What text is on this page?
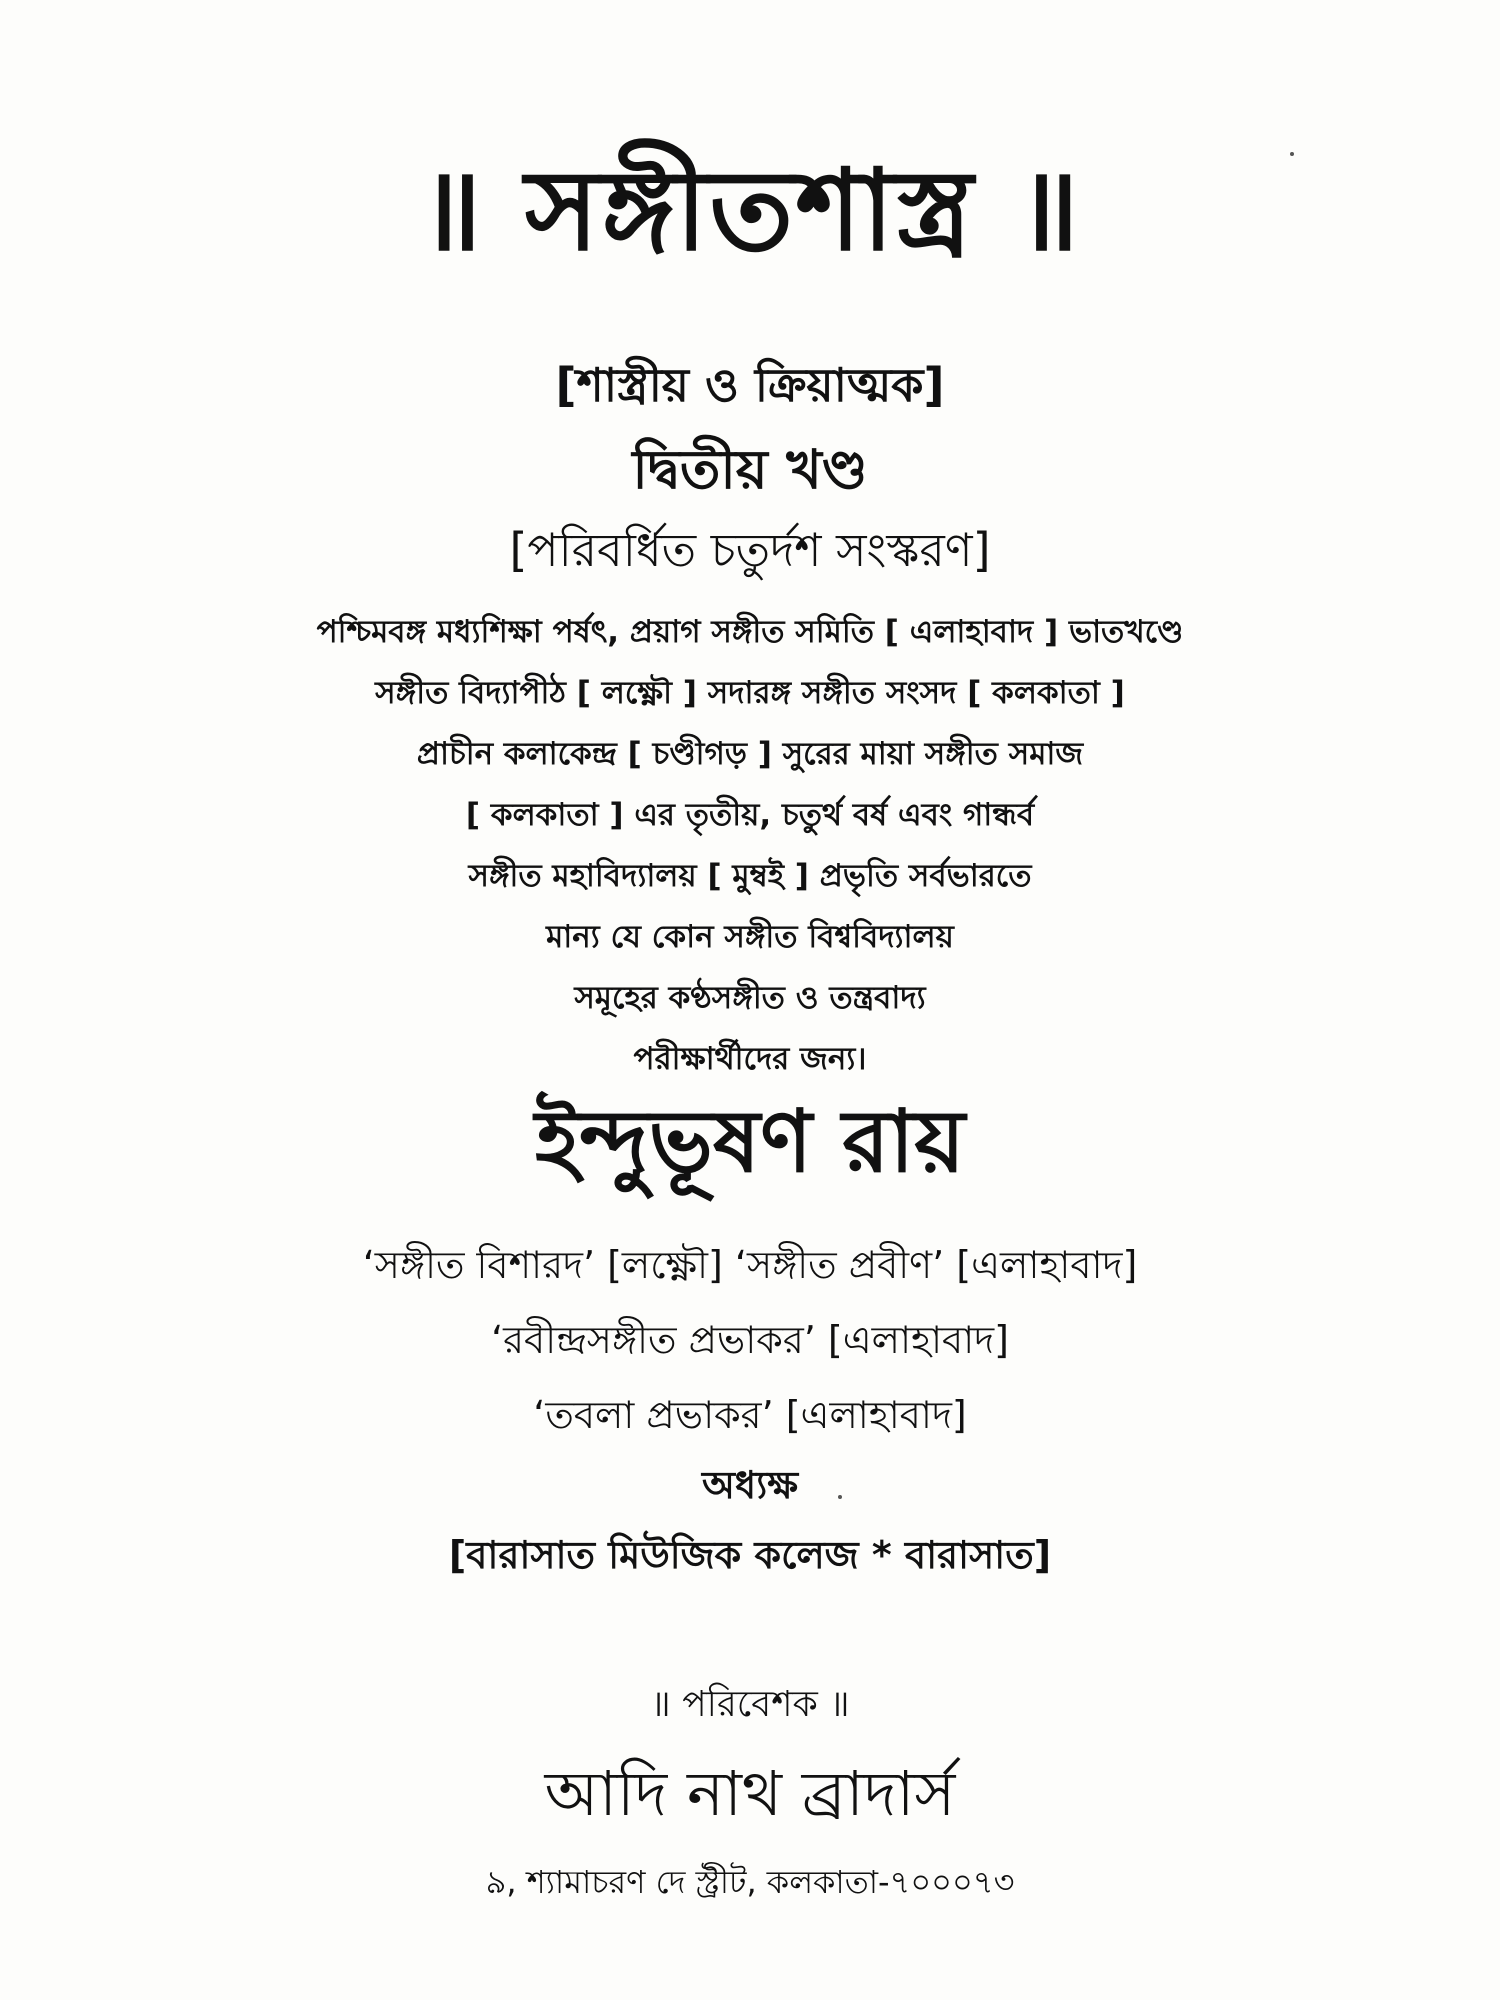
॥ সঙ্গীতশাস্ত্র ॥
[শাস্ত্রীয় ও ক্রিয়াত্মক]
দ্বিতীয় খণ্ড
[পরিবর্ধিত চতুর্দশ সংস্করণ]
পশ্চিমবঙ্গ মধ্যশিক্ষা পর্ষৎ, প্রয়াগ সঙ্গীত সমিতি [ এলাহাবাদ ] ভাতখণ্ডে
সঙ্গীত বিদ্যাপীঠ [ লক্ষ্ণৌ ] সদারঙ্গ সঙ্গীত সংসদ [ কলকাতা ]
প্রাচীন কলাকেন্দ্র [ চণ্ডীগড় ] সুরের মায়া সঙ্গীত সমাজ
[ কলকাতা ] এর তৃতীয়, চতুর্থ বর্ষ এবং গান্ধর্ব
সঙ্গীত মহাবিদ্যালয় [ মুম্বই ] প্রভৃতি সর্বভারতে
মান্য যে কোন সঙ্গীত বিশ্ববিদ্যালয়
সমূহের কণ্ঠসঙ্গীত ও তন্ত্রবাদ্য
পরীক্ষার্থীদের জন্য।
ইন্দুভূষণ রায়
‘সঙ্গীত বিশারদ’ [লক্ষ্ণৌ] ‘সঙ্গীত প্রবীণ’ [এলাহাবাদ]
‘রবীন্দ্রসঙ্গীত প্রভাকর’ [এলাহাবাদ]
‘তবলা প্রভাকর’ [এলাহাবাদ]
অধ্যক্ষ
[বারাসাত মিউজিক কলেজ * বারাসাত]
॥ পরিবেশক ॥
আদি নাথ ব্রাদার্স
৯, শ্যামাচরণ দে স্ট্রীট, কলকাতা-৭০০০৭৩
